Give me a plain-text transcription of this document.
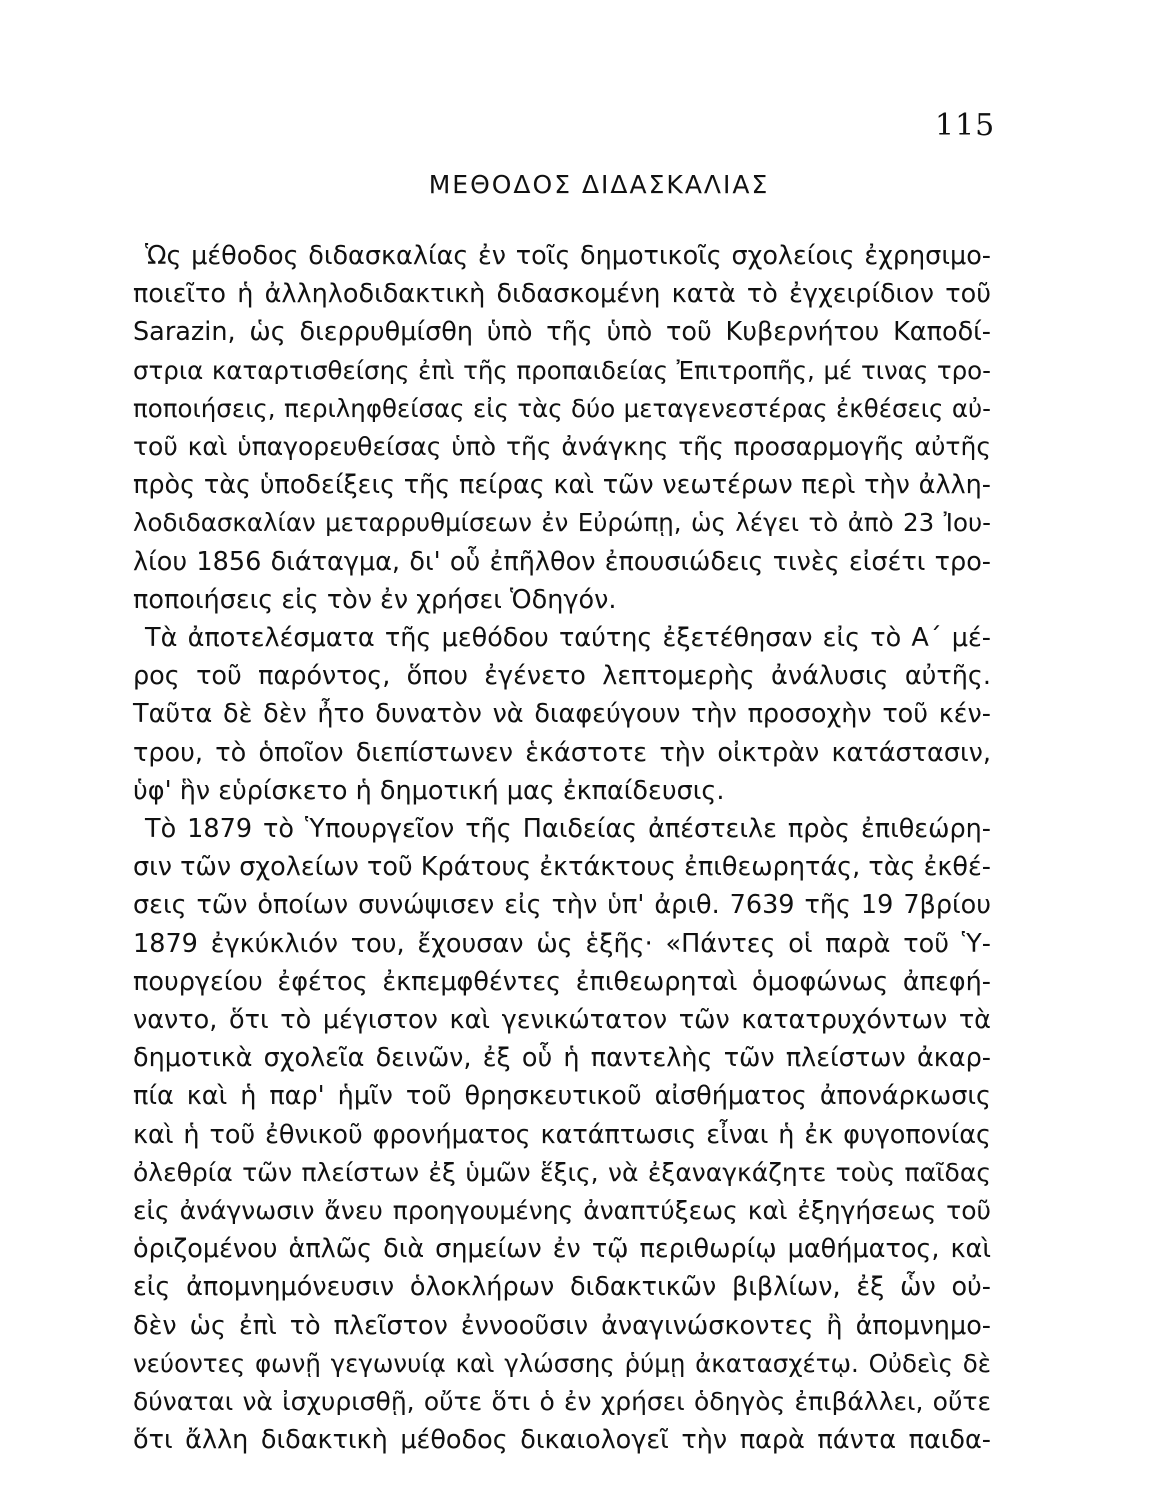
115
ΜΕΘΟΔΟΣ ΔΙΔΑΣΚΑΛΙΑΣ
Ὡς μέθοδος διδασκαλίας ἐν τοῖς δημοτικοῖς σχολείοις ἐχρησιμο-
ποιεῖτο ἡ ἀλληλοδιδακτικὴ διδασκομένη κατὰ τὸ ἐγχειρίδιον τοῦ
Sarazin, ὡς διερρυθμίσθη ὑπὸ τῆς ὑπὸ τοῦ Κυβερνήτου Καποδί-
στρια καταρτισθείσης ἐπὶ τῆς προπαιδείας Ἐπιτροπῆς, μέ τινας τρο-
ποποιήσεις, περιληφθείσας εἰς τὰς δύο μεταγενεστέρας ἐκθέσεις αὐ-
τοῦ καὶ ὑπαγορευθείσας ὑπὸ τῆς ἀνάγκης τῆς προσαρμογῆς αὐτῆς
πρὸς τὰς ὑποδείξεις τῆς πείρας καὶ τῶν νεωτέρων περὶ τὴν ἀλλη-
λοδιδασκαλίαν μεταρρυθμίσεων ἐν Εὐρώπῃ, ὡς λέγει τὸ ἀπὸ 23 Ἰου-
λίου 1856 διάταγμα, δι' οὗ ἐπῆλθον ἐπουσιώδεις τινὲς εἰσέτι τρο-
ποποιήσεις εἰς τὸν ἐν χρήσει Ὁδηγόν.
Τὰ ἀποτελέσματα τῆς μεθόδου ταύτης ἐξετέθησαν εἰς τὸ Α΄ μέ-
ρος τοῦ παρόντος, ὅπου ἐγένετο λεπτομερὴς ἀνάλυσις αὐτῆς.
Ταῦτα δὲ δὲν ἦτο δυνατὸν νὰ διαφεύγουν τὴν προσοχὴν τοῦ κέν-
τρου, τὸ ὁποῖον διεπίστωνεν ἑκάστοτε τὴν οἰκτρὰν κατάστασιν,
ὑφ' ἣν εὑρίσκετο ἡ δημοτική μας ἐκπαίδευσις.
Τὸ 1879 τὸ Ὑπουργεῖον τῆς Παιδείας ἀπέστειλε πρὸς ἐπιθεώρη-
σιν τῶν σχολείων τοῦ Κράτους ἐκτάκτους ἐπιθεωρητάς, τὰς ἐκθέ-
σεις τῶν ὁποίων συνώψισεν εἰς τὴν ὑπ' ἀριθ. 7639 τῆς 19 7βρίου
1879 ἐγκύκλιόν του, ἔχουσαν ὡς ἑξῆς· «Πάντες οἱ παρὰ τοῦ Ὑ-
πουργείου ἐφέτος ἐκπεμφθέντες ἐπιθεωρηταὶ ὁμοφώνως ἀπεφή-
ναντο, ὅτι τὸ μέγιστον καὶ γενικώτατον τῶν κατατρυχόντων τὰ
δημοτικὰ σχολεῖα δεινῶν, ἐξ οὗ ἡ παντελὴς τῶν πλείστων ἀκαρ-
πία καὶ ἡ παρ' ἡμῖν τοῦ θρησκευτικοῦ αἰσθήματος ἀπονάρκωσις
καὶ ἡ τοῦ ἐθνικοῦ φρονήματος κατάπτωσις εἶναι ἡ ἐκ φυγοπονίας
ὀλεθρία τῶν πλείστων ἐξ ὑμῶν ἕξις, νὰ ἐξαναγκάζητε τοὺς παῖδας
εἰς ἀνάγνωσιν ἄνευ προηγουμένης ἀναπτύξεως καὶ ἐξηγήσεως τοῦ
ὁριζομένου ἁπλῶς διὰ σημείων ἐν τῷ περιθωρίῳ μαθήματος, καὶ
εἰς ἀπομνημόνευσιν ὁλοκλήρων διδακτικῶν βιβλίων, ἐξ ὧν οὐ-
δὲν ὡς ἐπὶ τὸ πλεῖστον ἐννοοῦσιν ἀναγινώσκοντες ἢ ἀπομνημο-
νεύοντες φωνῇ γεγωνυίᾳ καὶ γλώσσης ῥύμῃ ἀκατασχέτῳ. Οὐδεὶς δὲ
δύναται νὰ ἰσχυρισθῇ, οὔτε ὅτι ὁ ἐν χρήσει ὁδηγὸς ἐπιβάλλει, οὔτε
ὅτι ἄλλη διδακτικὴ μέθοδος δικαιολογεῖ τὴν παρὰ πάντα παιδα-
